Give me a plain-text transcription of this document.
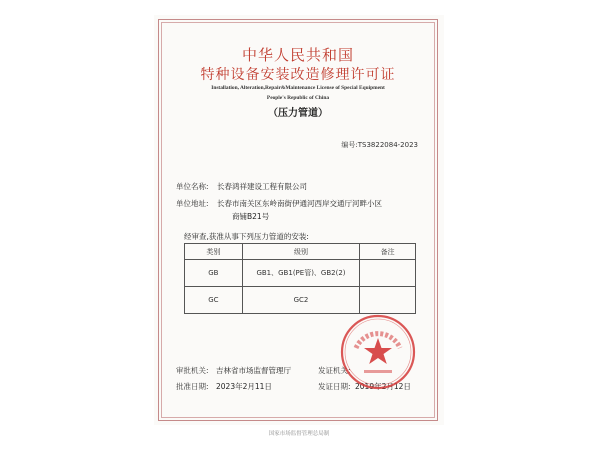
中华人民共和国
特种设备安装改造修理许可证
Installation, Alteration,Repair&Maintenance License of Special Equipment
People's Republic of China
（压力管道）
编号:TS3822084-2023
单位名称: 长春鸿祥建设工程有限公司
单位地址: 长春市南关区东岭南街伊通河西岸交通厅河畔小区
商铺B21号
经审查,获准从事下列压力管道的安装:
类别	级别	备注
GB	GB1、GB1(PE管)、GB2(2)	
GC	GC2	
审批机关: 吉林省市场监督管理厅	发证机关:
批准日期: 2023年2月11日	发证日期: 2019年2月12日
国家市场监督管理总局制
